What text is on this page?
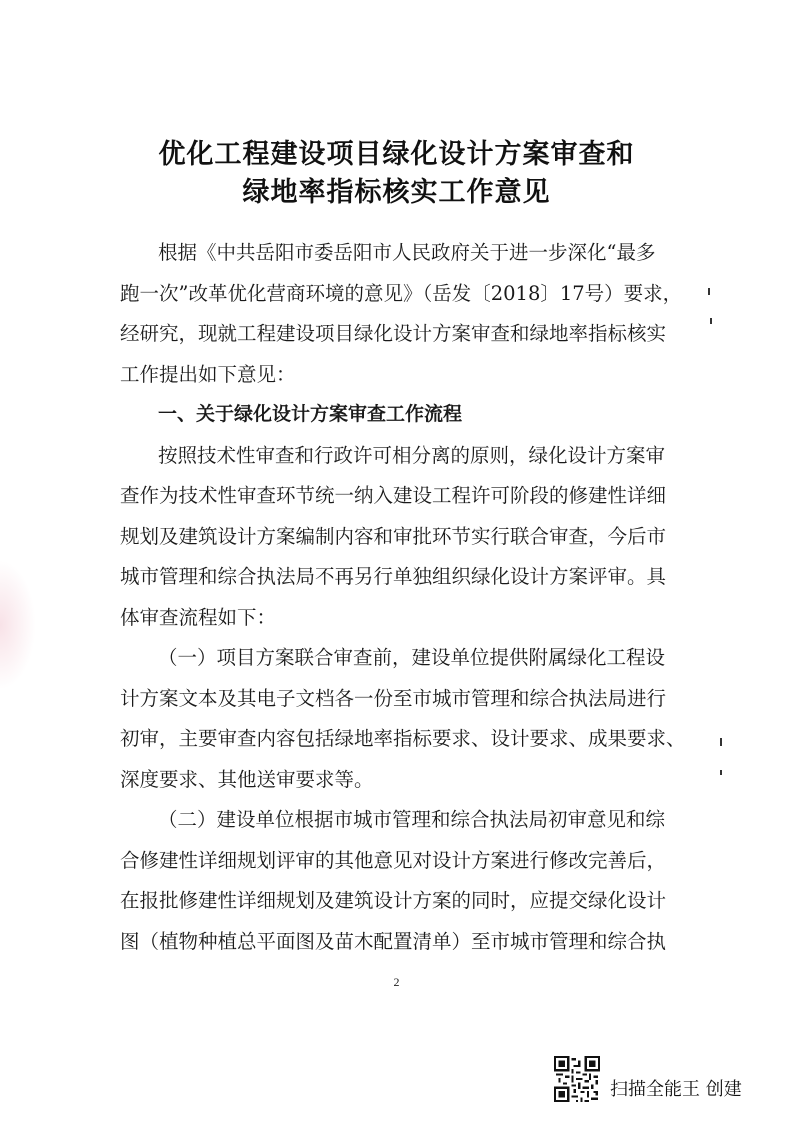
优化工程建设项目绿化设计方案审查和
绿地率指标核实工作意见

根据《中共岳阳市委岳阳市人民政府关于进一步深化“最多

跑一次”改革优化营商环境的意见》（岳发〔2018〕17号）要求，

经研究，现就工程建设项目绿化设计方案审查和绿地率指标核实

工作提出如下意见：

一、关于绿化设计方案审查工作流程

按照技术性审查和行政许可相分离的原则，绿化设计方案审

查作为技术性审查环节统一纳入建设工程许可阶段的修建性详细

规划及建筑设计方案编制内容和审批环节实行联合审查，今后市

城市管理和综合执法局不再另行单独组织绿化设计方案评审。具

体审查流程如下：

（一）项目方案联合审查前，建设单位提供附属绿化工程设

计方案文本及其电子文档各一份至市城市管理和综合执法局进行

初审，主要审查内容包括绿地率指标要求、设计要求、成果要求、

深度要求、其他送审要求等。

（二）建设单位根据市城市管理和综合执法局初审意见和综

合修建性详细规划评审的其他意见对设计方案进行修改完善后，

在报批修建性详细规划及建筑设计方案的同时，应提交绿化设计

图（植物种植总平面图及苗木配置清单）至市城市管理和综合执

2
扫描全能王 创建
